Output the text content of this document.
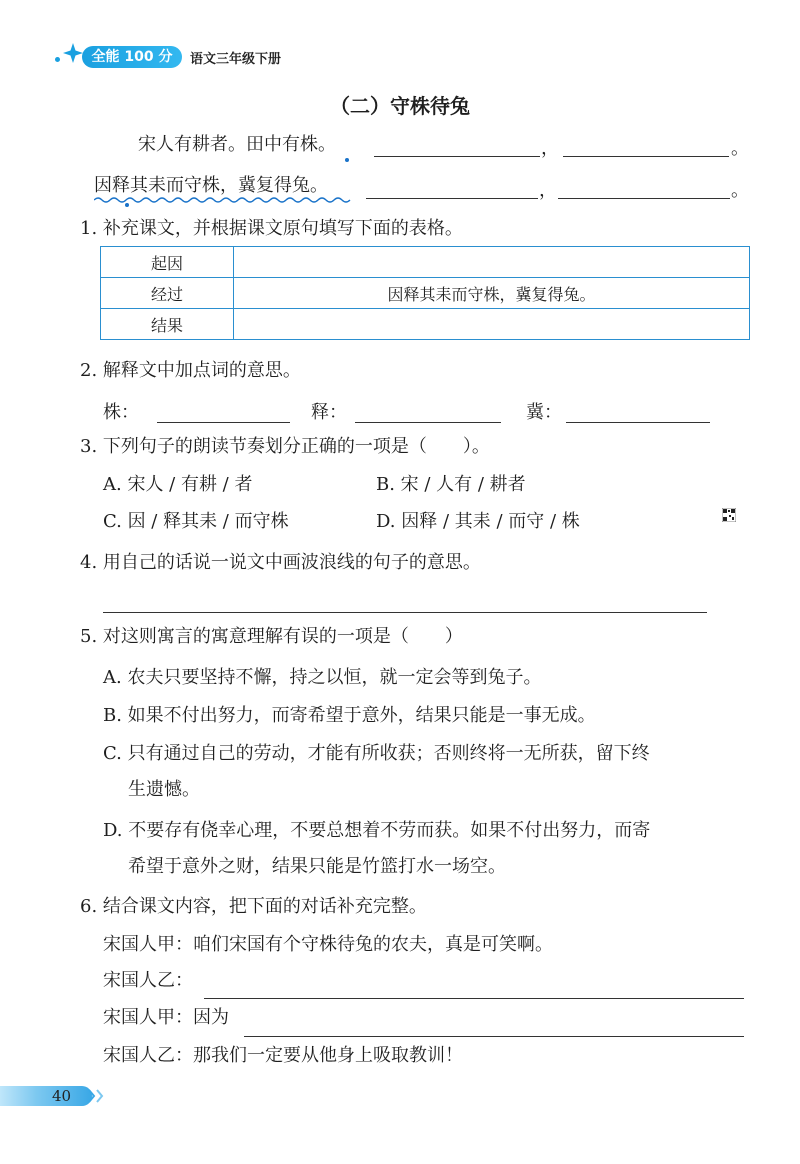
全能 100 分	语文三年级下册
（二）守株待兔
宋人有耕者。田中有株。	，	。
因释其耒而守株，冀复得兔。	，	。
1. 补充课文，并根据课文原句填写下面的表格。
起因	
经过	因释其耒而守株，冀复得兔。
结果	
2. 解释文中加点词的意思。
株：	释：	冀：
3. 下列句子的朗读节奏划分正确的一项是（　　）。
A. 宋人 / 有耕 / 者	B. 宋 / 人有 / 耕者
C. 因 / 释其耒 / 而守株	D. 因释 / 其耒 / 而守 / 株
4. 用自己的话说一说文中画波浪线的句子的意思。
5. 对这则寓言的寓意理解有误的一项是（　　）
A. 农夫只要坚持不懈，持之以恒，就一定会等到兔子。
B. 如果不付出努力，而寄希望于意外，结果只能是一事无成。
C. 只有通过自己的劳动，才能有所收获；否则终将一无所获，留下终
生遗憾。
D. 不要存有侥幸心理，不要总想着不劳而获。如果不付出努力，而寄
希望于意外之财，结果只能是竹篮打水一场空。
6. 结合课文内容，把下面的对话补充完整。
宋国人甲：咱们宋国有个守株待兔的农夫，真是可笑啊。
宋国人乙：
宋国人甲：因为
宋国人乙：那我们一定要从他身上吸取教训！
40
